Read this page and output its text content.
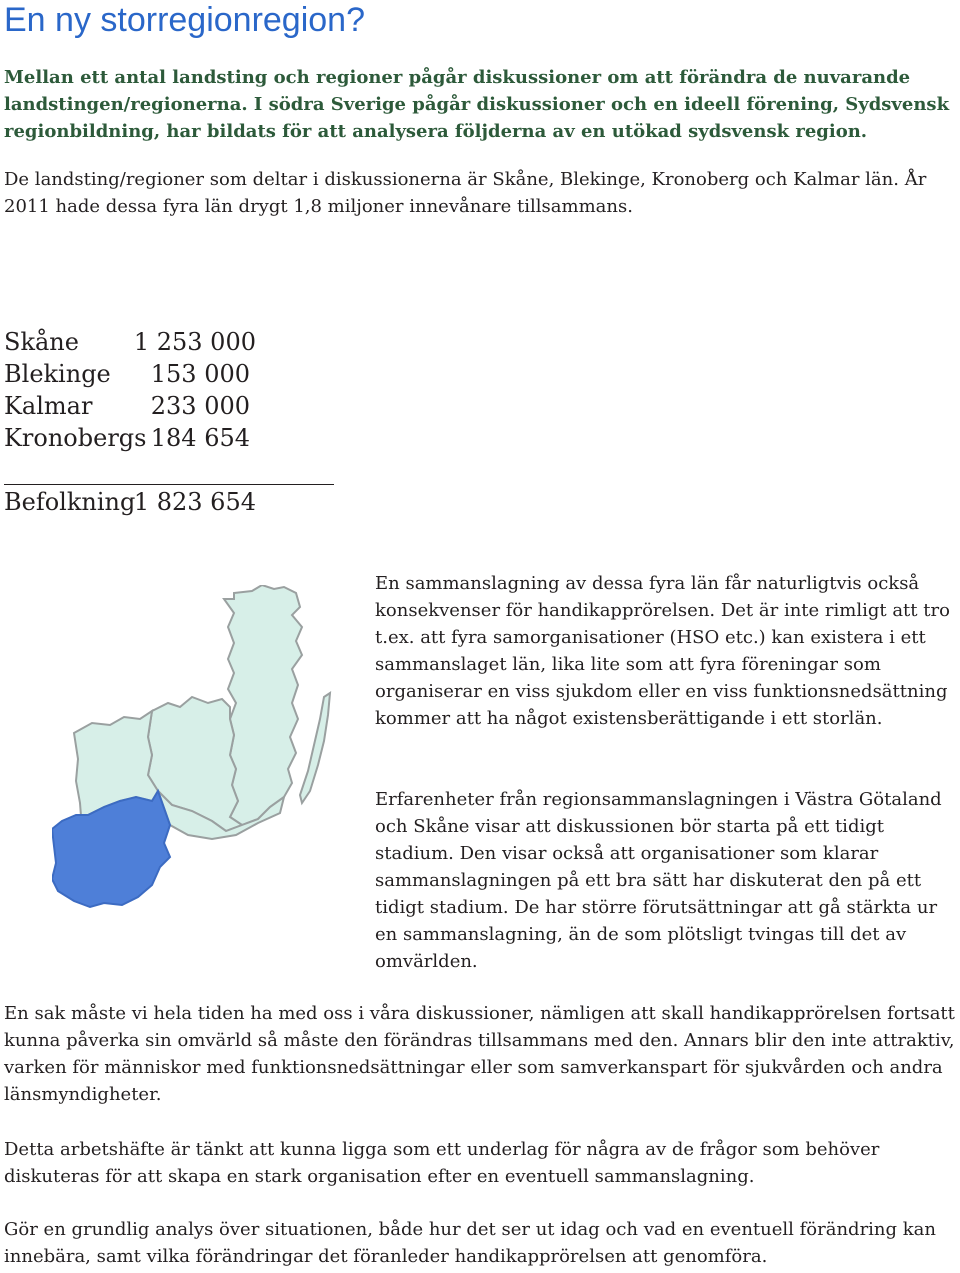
En ny storregionregion?

Mellan ett antal landsting och regioner pågår diskussioner om att förändra de nuvarande landstingen/regionerna. I södra Sverige pågår diskussioner och en ideell förening, Sydsvensk regionbildning, har bildats för att analysera följderna av en utökad sydsvensk region.

De landsting/regioner som deltar i diskussionerna är Skåne, Blekinge, Kronoberg och Kalmar län. År 2011 hade dessa fyra län drygt 1,8 miljoner innevånare tillsammans.

Skåne 1 253 000
Blekinge 153 000
Kalmar 233 000
Kronobergs 184 654
Befolkning
1 823 654

En sammanslagning av dessa fyra län får naturligtvis också konsekvenser för handikapprörelsen. Det är inte rimligt att tro t.ex. att fyra samorganisationer (HSO etc.) kan existera i ett sammanslaget län, lika lite som att fyra föreningar som organiserar en viss sjukdom eller en viss funktionsnedsättning kommer att ha något existensberättigande i ett storlän.

Erfarenheter från regionsammanslagningen i Västra Götaland och Skåne visar att diskussionen bör starta på ett tidigt stadium. Den visar också att organisationer som klarar sammanslagningen på ett bra sätt har diskuterat den på ett tidigt stadium. De har större förutsättningar att gå stärkta ur en sammanslagning, än de som plötsligt tvingas till det av omvärlden.

En sak måste vi hela tiden ha med oss i våra diskussioner, nämligen att skall handikapprörelsen fortsatt kunna påverka sin omvärld så måste den förändras tillsammans med den. Annars blir den inte attraktiv, varken för människor med funktionsnedsättningar eller som samverkanspart för sjukvården och andra länsmyndigheter.

Detta arbetshäfte är tänkt att kunna ligga som ett underlag för några av de frågor som behöver diskuteras för att skapa en stark organisation efter en eventuell sammanslagning.

Gör en grundlig analys över situationen, både hur det ser ut idag och vad en eventuell förändring kan innebära, samt vilka förändringar det föranleder handikapprörelsen att genomföra.
